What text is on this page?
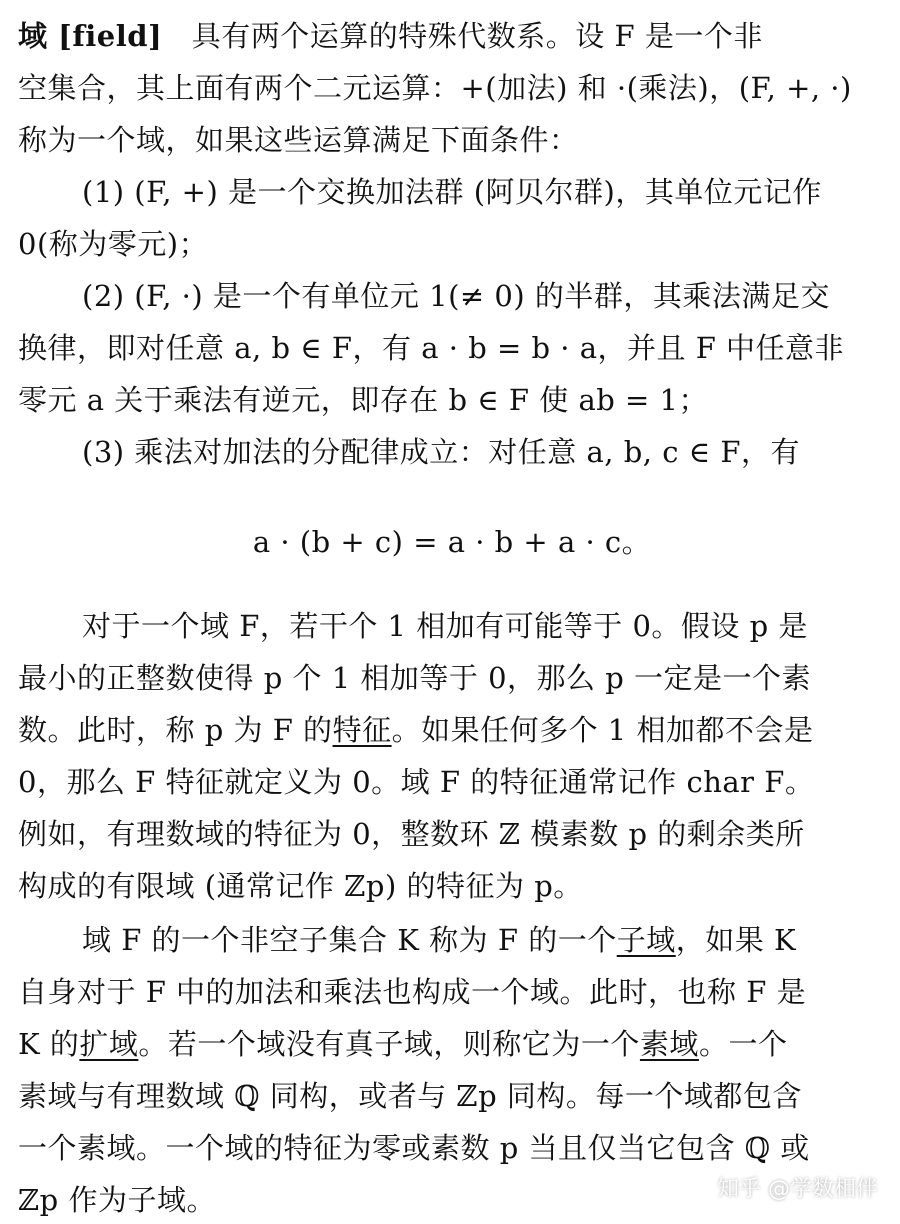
域 [field]　具有两个运算的特殊代数系。设 F 是一个非
空集合，其上面有两个二元运算：+(加法) 和 ·(乘法)，(F, +, ·)
称为一个域，如果这些运算满足下面条件：
(1) (F, +) 是一个交换加法群 (阿贝尔群)，其单位元记作
0(称为零元)；
(2) (F, ·) 是一个有单位元 1(≠ 0) 的半群，其乘法满足交
换律，即对任意 a, b ∈ F，有 a · b = b · a，并且 F 中任意非
零元 a 关于乘法有逆元，即存在 b ∈ F 使 ab = 1；
(3) 乘法对加法的分配律成立：对任意 a, b, c ∈ F，有
a · (b + c) = a · b + a · c。
对于一个域 F，若干个 1 相加有可能等于 0。假设 p 是
最小的正整数使得 p 个 1 相加等于 0，那么 p 一定是一个素
数。此时，称 p 为 F 的特征。如果任何多个 1 相加都不会是
0，那么 F 特征就定义为 0。域 F 的特征通常记作 char F。
例如，有理数域的特征为 0，整数环 ℤ 模素数 p 的剩余类所
构成的有限域 (通常记作 ℤp) 的特征为 p。
域 F 的一个非空子集合 K 称为 F 的一个子域，如果 K
自身对于 F 中的加法和乘法也构成一个域。此时，也称 F 是
K 的扩域。若一个域没有真子域，则称它为一个素域。一个
素域与有理数域 ℚ 同构，或者与 ℤp 同构。每一个域都包含
一个素域。一个域的特征为零或素数 p 当且仅当它包含 ℚ 或
ℤp 作为子域。	知乎 @学数相伴
